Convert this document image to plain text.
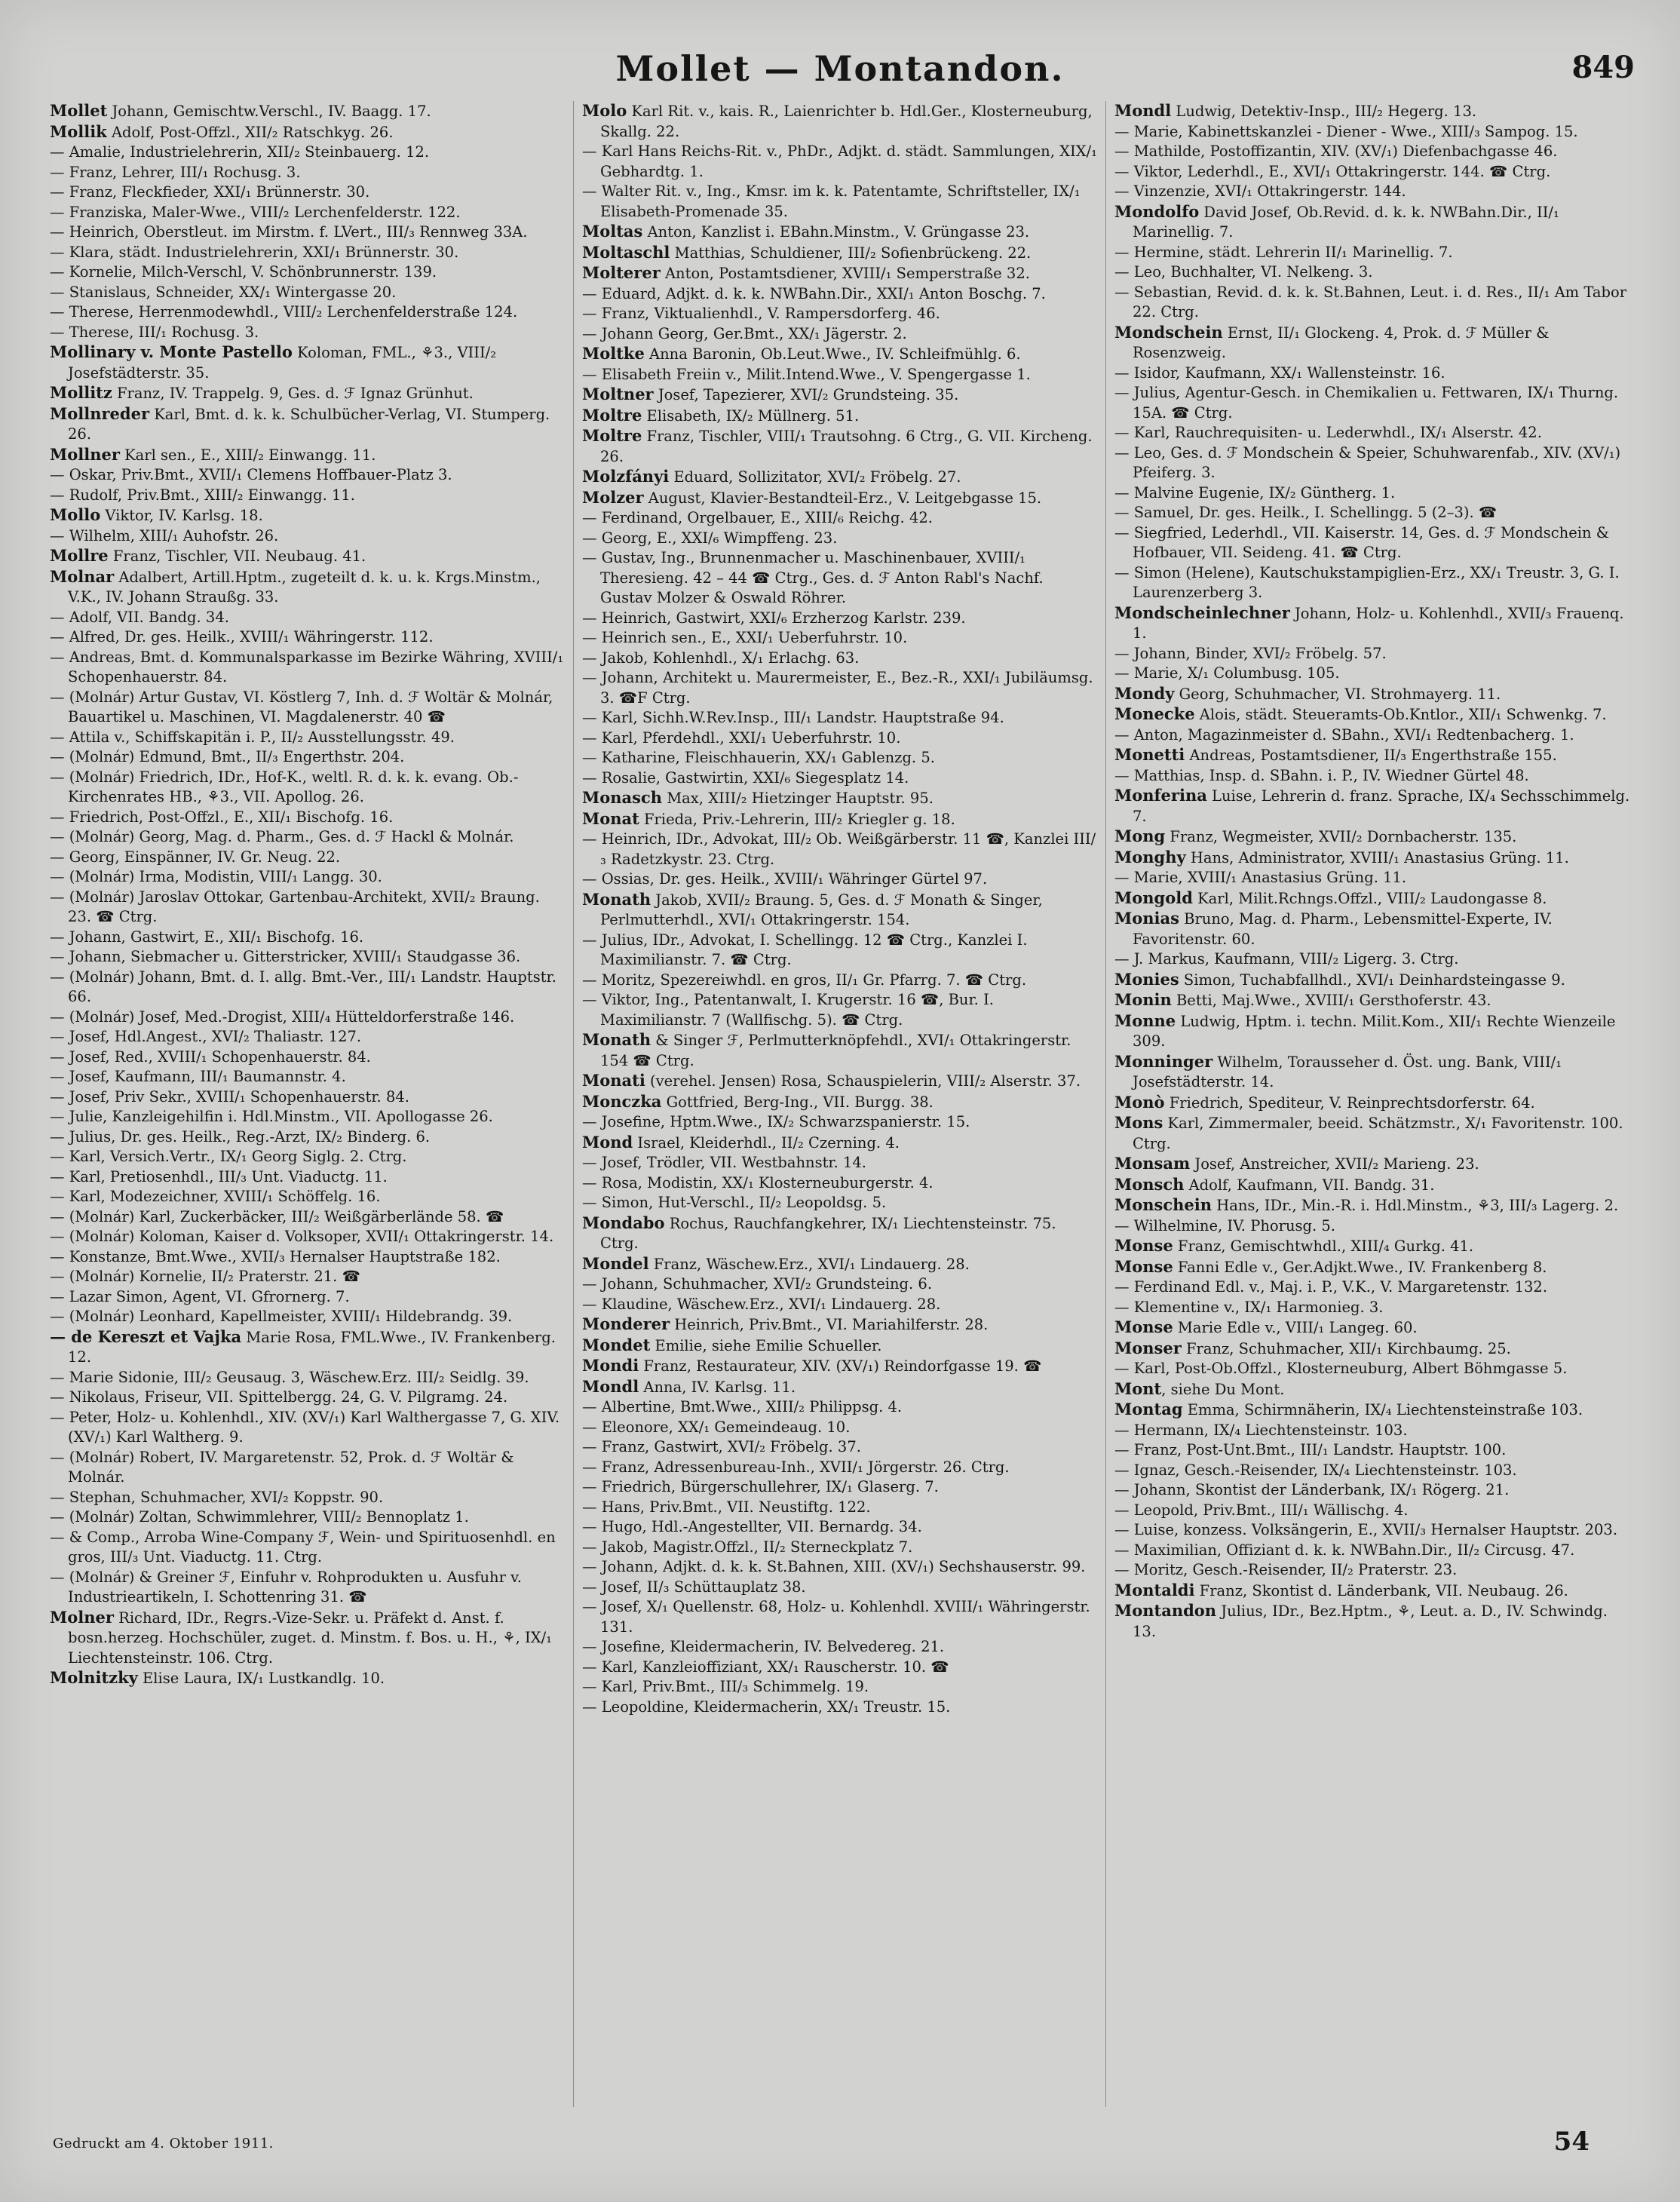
Mollet — Montandon.	849
Mollet Johann, Gemischtw.Verschl., IV. Baagg. 17.
Mollik Adolf, Post-Offzl., XII/₂ Ratschkyg. 26.
— Amalie, Industrielehrerin, XII/₂ Steinbauerg. 12.
— Franz, Lehrer, III/₁ Rochusg. 3.
— Franz, Fleckfieder, XXI/₁ Brünnerstr. 30.
— Franziska, Maler-Wwe., VIII/₂ Lerchenfelderstr. 122.
— Heinrich, Oberstleut. im Mirstm. f. LVert., III/₃ Rennweg 33A.
— Klara, städt. Industrielehrerin, XXI/₁ Brünnerstr. 30.
— Kornelie, Milch-Verschl, V. Schönbrunnerstr. 139.
— Stanislaus, Schneider, XX/₁ Wintergasse 20.
— Therese, Herrenmodewhdl., VIII/₂ Lerchenfelderstraße 124.
— Therese, III/₁ Rochusg. 3.
Mollinary v. Monte Pastello Koloman, FML., ⚘3., VIII/₂ Josefstädterstr. 35.
Mollitz Franz, IV. Trappelg. 9, Ges. d. ℱ Ignaz Grünhut.
Mollnreder Karl, Bmt. d. k. k. Schulbücher-Verlag, VI. Stumperg. 26.
Mollner Karl sen., E., XIII/₂ Einwangg. 11.
— Oskar, Priv.Bmt., XVII/₁ Clemens Hoffbauer-Platz 3.
— Rudolf, Priv.Bmt., XIII/₂ Einwangg. 11.
Mollo Viktor, IV. Karlsg. 18.
— Wilhelm, XIII/₁ Auhofstr. 26.
Mollre Franz, Tischler, VII. Neubaug. 41.
Molnar Adalbert, Artill.Hptm., zugeteilt d. k. u. k. Krgs.Minstm., V.K., IV. Johann Straußg. 33.
— Adolf, VII. Bandg. 34.
— Alfred, Dr. ges. Heilk., XVIII/₁ Währingerstr. 112.
— Andreas, Bmt. d. Kommunalsparkasse im Bezirke Währing, XVIII/₁ Schopenhauerstr. 84.
— (Molnár) Artur Gustav, VI. Köstlerg 7, Inh. d. ℱ Woltär & Molnár, Bauartikel u. Maschinen, VI. Magdalenerstr. 40 ☎
— Attila v., Schiffskapitän i. P., II/₂ Ausstellungsstr. 49.
— (Molnár) Edmund, Bmt., II/₃ Engerthstr. 204.
— (Molnár) Friedrich, IDr., Hof-K., weltl. R. d. k. k. evang. Ob.-Kirchenrates HB., ⚘3., VII. Apollog. 26.
— Friedrich, Post-Offzl., E., XII/₁ Bischofg. 16.
— (Molnár) Georg, Mag. d. Pharm., Ges. d. ℱ Hackl & Molnár.
— Georg, Einspänner, IV. Gr. Neug. 22.
— (Molnár) Irma, Modistin, VIII/₁ Langg. 30.
— (Molnár) Jaroslav Ottokar, Gartenbau-Architekt, XVII/₂ Braung. 23. ☎ Ctrg.
— Johann, Gastwirt, E., XII/₁ Bischofg. 16.
— Johann, Siebmacher u. Gitterstricker, XVIII/₁ Staudgasse 36.
— (Molnár) Johann, Bmt. d. I. allg. Bmt.-Ver., III/₁ Landstr. Hauptstr. 66.
— (Molnár) Josef, Med.-Drogist, XIII/₄ Hütteldorferstraße 146.
— Josef, Hdl.Angest., XVI/₂ Thaliastr. 127.
— Josef, Red., XVIII/₁ Schopenhauerstr. 84.
— Josef, Kaufmann, III/₁ Baumannstr. 4.
— Josef, Priv Sekr., XVIII/₁ Schopenhauerstr. 84.
— Julie, Kanzleigehilfin i. Hdl.Minstm., VII. Apollogasse 26.
— Julius, Dr. ges. Heilk., Reg.-Arzt, IX/₂ Binderg. 6.
— Karl, Versich.Vertr., IX/₁ Georg Siglg. 2. Ctrg.
— Karl, Pretiosenhdl., III/₃ Unt. Viaductg. 11.
— Karl, Modezeichner, XVIII/₁ Schöffelg. 16.
— (Molnár) Karl, Zuckerbäcker, III/₂ Weißgärberlände 58. ☎
— (Molnár) Koloman, Kaiser d. Volksoper, XVII/₁ Ottakringerstr. 14.
— Konstanze, Bmt.Wwe., XVII/₃ Hernalser Hauptstraße 182.
— (Molnár) Kornelie, II/₂ Praterstr. 21. ☎
— Lazar Simon, Agent, VI. Gfrornerg. 7.
— (Molnár) Leonhard, Kapellmeister, XVIII/₁ Hildebrandg. 39.
— de Kereszt et Vajka Marie Rosa, FML.Wwe., IV. Frankenberg. 12.
— Marie Sidonie, III/₂ Geusaug. 3, Wäschew.Erz. III/₂ Seidlg. 39.
— Nikolaus, Friseur, VII. Spittelbergg. 24, G. V. Pilgramg. 24.
— Peter, Holz- u. Kohlenhdl., XIV. (XV/₁) Karl Walthergasse 7, G. XIV. (XV/₁) Karl Waltherg. 9.
— (Molnár) Robert, IV. Margaretenstr. 52, Prok. d. ℱ Woltär & Molnár.
— Stephan, Schuhmacher, XVI/₂ Koppstr. 90.
— (Molnár) Zoltan, Schwimmlehrer, VIII/₂ Bennoplatz 1.
— & Comp., Arroba Wine-Company ℱ, Wein- und Spirituosenhdl. en gros, III/₃ Unt. Viaductg. 11. Ctrg.
— (Molnár) & Greiner ℱ, Einfuhr v. Rohprodukten u. Ausfuhr v. Industrieartikeln, I. Schottenring 31. ☎
Molner Richard, IDr., Regrs.-Vize-Sekr. u. Präfekt d. Anst. f. bosn.herzeg. Hochschüler, zuget. d. Minstm. f. Bos. u. H., ⚘, IX/₁ Liechtensteinstr. 106. Ctrg.
Molnitzky Elise Laura, IX/₁ Lustkandlg. 10.
Molo Karl Rit. v., kais. R., Laienrichter b. Hdl.Ger., Klosterneuburg, Skallg. 22.
— Karl Hans Reichs-Rit. v., PhDr., Adjkt. d. städt. Sammlungen, XIX/₁ Gebhardtg. 1.
— Walter Rit. v., Ing., Kmsr. im k. k. Patentamte, Schriftsteller, IX/₁ Elisabeth-Promenade 35.
Moltas Anton, Kanzlist i. EBahn.Minstm., V. Grüngasse 23.
Moltaschl Matthias, Schuldiener, III/₂ Sofienbrückeng. 22.
Molterer Anton, Postamtsdiener, XVIII/₁ Semperstraße 32.
— Eduard, Adjkt. d. k. k. NWBahn.Dir., XXI/₁ Anton Boschg. 7.
— Franz, Viktualienhdl., V. Rampersdorferg. 46.
— Johann Georg, Ger.Bmt., XX/₁ Jägerstr. 2.
Moltke Anna Baronin, Ob.Leut.Wwe., IV. Schleifmühlg. 6.
— Elisabeth Freiin v., Milit.Intend.Wwe., V. Spengergasse 1.
Moltner Josef, Tapezierer, XVI/₂ Grundsteing. 35.
Moltre Elisabeth, IX/₂ Müllnerg. 51.
Moltre Franz, Tischler, VIII/₁ Trautsohng. 6 Ctrg., G. VII. Kircheng. 26.
Molzfányi Eduard, Sollizitator, XVI/₂ Fröbelg. 27.
Molzer August, Klavier-Bestandteil-Erz., V. Leitgebgasse 15.
— Ferdinand, Orgelbauer, E., XIII/₆ Reichg. 42.
— Georg, E., XXI/₆ Wimpffeng. 23.
— Gustav, Ing., Brunnenmacher u. Maschinenbauer, XVIII/₁ Theresieng. 42 – 44 ☎ Ctrg., Ges. d. ℱ Anton Rabl's Nachf. Gustav Molzer & Oswald Röhrer.
— Heinrich, Gastwirt, XXI/₆ Erzherzog Karlstr. 239.
— Heinrich sen., E., XXI/₁ Ueberfuhrstr. 10.
— Jakob, Kohlenhdl., X/₁ Erlachg. 63.
— Johann, Architekt u. Maurermeister, E., Bez.-R., XXI/₁ Jubiläumsg. 3. ☎F Ctrg.
— Karl, Sichh.W.Rev.Insp., III/₁ Landstr. Hauptstraße 94.
— Karl, Pferdehdl., XXI/₁ Ueberfuhrstr. 10.
— Katharine, Fleischhauerin, XX/₁ Gablenzg. 5.
— Rosalie, Gastwirtin, XXI/₆ Siegesplatz 14.
Monasch Max, XIII/₂ Hietzinger Hauptstr. 95.
Monat Frieda, Priv.-Lehrerin, III/₂ Kriegler g. 18.
— Heinrich, IDr., Advokat, III/₂ Ob. Weißgärberstr. 11 ☎, Kanzlei III/₃ Radetzkystr. 23. Ctrg.
— Ossias, Dr. ges. Heilk., XVIII/₁ Währinger Gürtel 97.
Monath Jakob, XVII/₂ Braung. 5, Ges. d. ℱ Monath & Singer, Perlmutterhdl., XVI/₁ Ottakringerstr. 154.
— Julius, IDr., Advokat, I. Schellingg. 12 ☎ Ctrg., Kanzlei I. Maximilianstr. 7. ☎ Ctrg.
— Moritz, Spezereiwhdl. en gros, II/₁ Gr. Pfarrg. 7. ☎ Ctrg.
— Viktor, Ing., Patentanwalt, I. Krugerstr. 16 ☎, Bur. I. Maximilianstr. 7 (Wallfischg. 5). ☎ Ctrg.
Monath & Singer ℱ, Perlmutterknöpfehdl., XVI/₁ Ottakringerstr. 154 ☎ Ctrg.
Monati (verehel. Jensen) Rosa, Schauspielerin, VIII/₂ Alserstr. 37.
Monczka Gottfried, Berg-Ing., VII. Burgg. 38.
— Josefine, Hptm.Wwe., IX/₂ Schwarzspanierstr. 15.
Mond Israel, Kleiderhdl., II/₂ Czerning. 4.
— Josef, Trödler, VII. Westbahnstr. 14.
— Rosa, Modistin, XX/₁ Klosterneuburgerstr. 4.
— Simon, Hut-Verschl., II/₂ Leopoldsg. 5.
Mondabo Rochus, Rauchfangkehrer, IX/₁ Liechtensteinstr. 75. Ctrg.
Mondel Franz, Wäschew.Erz., XVI/₁ Lindauerg. 28.
— Johann, Schuhmacher, XVI/₂ Grundsteing. 6.
— Klaudine, Wäschew.Erz., XVI/₁ Lindauerg. 28.
Monderer Heinrich, Priv.Bmt., VI. Mariahilferstr. 28.
Mondet Emilie, siehe Emilie Schueller.
Mondi Franz, Restaurateur, XIV. (XV/₁) Reindorfgasse 19. ☎
Mondl Anna, IV. Karlsg. 11.
— Albertine, Bmt.Wwe., XIII/₂ Philippsg. 4.
— Eleonore, XX/₁ Gemeindeaug. 10.
— Franz, Gastwirt, XVI/₂ Fröbelg. 37.
— Franz, Adressenbureau-Inh., XVII/₁ Jörgerstr. 26. Ctrg.
— Friedrich, Bürgerschullehrer, IX/₁ Glaserg. 7.
— Hans, Priv.Bmt., VII. Neustiftg. 122.
— Hugo, Hdl.-Angestellter, VII. Bernardg. 34.
— Jakob, Magistr.Offzl., II/₂ Sterneckplatz 7.
— Johann, Adjkt. d. k. k. St.Bahnen, XIII. (XV/₁) Sechshauserstr. 99.
— Josef, II/₃ Schüttauplatz 38.
— Josef, X/₁ Quellenstr. 68, Holz- u. Kohlenhdl. XVIII/₁ Währingerstr. 131.
— Josefine, Kleidermacherin, IV. Belvedereg. 21.
— Karl, Kanzleioffiziant, XX/₁ Rauscherstr. 10. ☎
— Karl, Priv.Bmt., III/₃ Schimmelg. 19.
— Leopoldine, Kleidermacherin, XX/₁ Treustr. 15.
Mondl Ludwig, Detektiv-Insp., III/₂ Hegerg. 13.
— Marie, Kabinettskanzlei - Diener - Wwe., XIII/₃ Sampog. 15.
— Mathilde, Postoffizantin, XIV. (XV/₁) Diefenbachgasse 46.
— Viktor, Lederhdl., E., XVI/₁ Ottakringerstr. 144. ☎ Ctrg.
— Vinzenzie, XVI/₁ Ottakringerstr. 144.
Mondolfo David Josef, Ob.Revid. d. k. k. NWBahn.Dir., II/₁ Marinellig. 7.
— Hermine, städt. Lehrerin II/₁ Marinellig. 7.
— Leo, Buchhalter, VI. Nelkeng. 3.
— Sebastian, Revid. d. k. k. St.Bahnen, Leut. i. d. Res., II/₁ Am Tabor 22. Ctrg.
Mondschein Ernst, II/₁ Glockeng. 4, Prok. d. ℱ Müller & Rosenzweig.
— Isidor, Kaufmann, XX/₁ Wallensteinstr. 16.
— Julius, Agentur-Gesch. in Chemikalien u. Fettwaren, IX/₁ Thurng. 15A. ☎ Ctrg.
— Karl, Rauchrequisiten- u. Lederwhdl., IX/₁ Alserstr. 42.
— Leo, Ges. d. ℱ Mondschein & Speier, Schuhwarenfab., XIV. (XV/₁) Pfeiferg. 3.
— Malvine Eugenie, IX/₂ Güntherg. 1.
— Samuel, Dr. ges. Heilk., I. Schellingg. 5 (2–3). ☎
— Siegfried, Lederhdl., VII. Kaiserstr. 14, Ges. d. ℱ Mondschein & Hofbauer, VII. Seideng. 41. ☎ Ctrg.
— Simon (Helene), Kautschukstampiglien-Erz., XX/₁ Treustr. 3, G. I. Laurenzerberg 3.
Mondscheinlechner Johann, Holz- u. Kohlenhdl., XVII/₃ Frauenq. 1.
— Johann, Binder, XVI/₂ Fröbelg. 57.
— Marie, X/₁ Columbusg. 105.
Mondy Georg, Schuhmacher, VI. Strohmayerg. 11.
Monecke Alois, städt. Steueramts-Ob.Kntlor., XII/₁ Schwenkg. 7.
— Anton, Magazinmeister d. SBahn., XVI/₁ Redtenbacherg. 1.
Monetti Andreas, Postamtsdiener, II/₃ Engerthstraße 155.
— Matthias, Insp. d. SBahn. i. P., IV. Wiedner Gürtel 48.
Monferina Luise, Lehrerin d. franz. Sprache, IX/₄ Sechsschimmelg. 7.
Mong Franz, Wegmeister, XVII/₂ Dornbacherstr. 135.
Monghy Hans, Administrator, XVIII/₁ Anastasius Grüng. 11.
— Marie, XVIII/₁ Anastasius Grüng. 11.
Mongold Karl, Milit.Rchngs.Offzl., VIII/₂ Laudongasse 8.
Monias Bruno, Mag. d. Pharm., Lebensmittel-Experte, IV. Favoritenstr. 60.
— J. Markus, Kaufmann, VIII/₂ Ligerg. 3. Ctrg.
Monies Simon, Tuchabfallhdl., XVI/₁ Deinhardsteingasse 9.
Monin Betti, Maj.Wwe., XVIII/₁ Gersthoferstr. 43.
Monne Ludwig, Hptm. i. techn. Milit.Kom., XII/₁ Rechte Wienzeile 309.
Monninger Wilhelm, Torausseher d. Öst. ung. Bank, VIII/₁ Josefstädterstr. 14.
Monò Friedrich, Spediteur, V. Reinprechtsdorferstr. 64.
Mons Karl, Zimmermaler, beeid. Schätzmstr., X/₁ Favoritenstr. 100. Ctrg.
Monsam Josef, Anstreicher, XVII/₂ Marieng. 23.
Monsch Adolf, Kaufmann, VII. Bandg. 31.
Monschein Hans, IDr., Min.-R. i. Hdl.Minstm., ⚘3, III/₃ Lagerg. 2.
— Wilhelmine, IV. Phorusg. 5.
Monse Franz, Gemischtwhdl., XIII/₄ Gurkg. 41.
Monse Fanni Edle v., Ger.Adjkt.Wwe., IV. Frankenberg 8.
— Ferdinand Edl. v., Maj. i. P., V.K., V. Margaretenstr. 132.
— Klementine v., IX/₁ Harmonieg. 3.
Monse Marie Edle v., VIII/₁ Langeg. 60.
Monser Franz, Schuhmacher, XII/₁ Kirchbaumg. 25.
— Karl, Post-Ob.Offzl., Klosterneuburg, Albert Böhmgasse 5.
Mont, siehe Du Mont.
Montag Emma, Schirmnäherin, IX/₄ Liechtensteinstraße 103.
— Hermann, IX/₄ Liechtensteinstr. 103.
— Franz, Post-Unt.Bmt., III/₁ Landstr. Hauptstr. 100.
— Ignaz, Gesch.-Reisender, IX/₄ Liechtensteinstr. 103.
— Johann, Skontist der Länderbank, IX/₁ Rögerg. 21.
— Leopold, Priv.Bmt., III/₁ Wällischg. 4.
— Luise, konzess. Volksängerin, E., XVII/₃ Hernalser Hauptstr. 203.
— Maximilian, Offiziant d. k. k. NWBahn.Dir., II/₂ Circusg. 47.
— Moritz, Gesch.-Reisender, II/₂ Praterstr. 23.
Montaldi Franz, Skontist d. Länderbank, VII. Neubaug. 26.
Montandon Julius, IDr., Bez.Hptm., ⚘, Leut. a. D., IV. Schwindg. 13.
Gedruckt am 4. Oktober 1911.	54
